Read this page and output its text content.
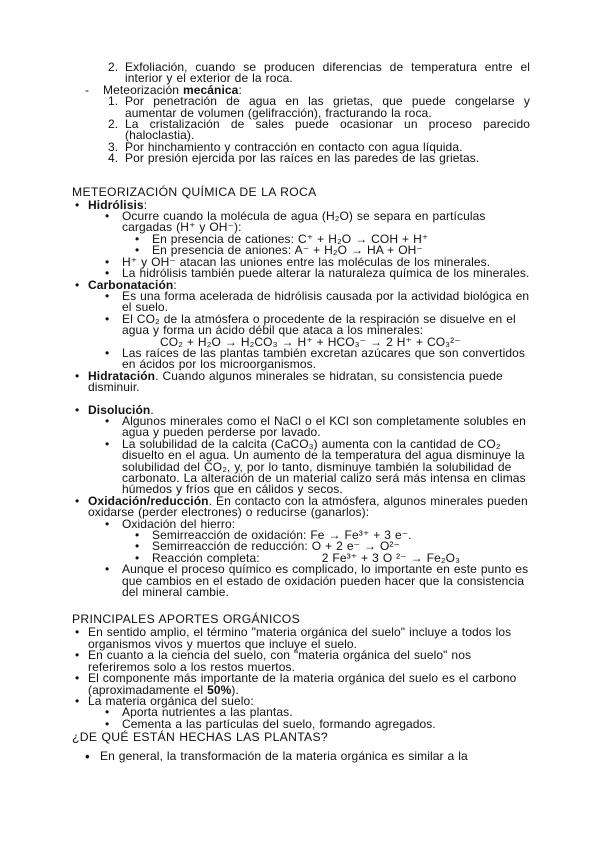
2. Exfoliación, cuando se producen diferencias de temperatura entre el interior y el exterior de la roca.
-	Meteorización mecánica:
1. Por penetración de agua en las grietas, que puede congelarse y aumentar de volumen (gelifracción), fracturando la roca.
2. La cristalización de sales puede ocasionar un proceso parecido (haloclastia).
3. Por hinchamiento y contracción en contacto con agua líquida.
4. Por presión ejercida por las raíces en las paredes de las grietas.
METEORIZACIÓN QUÍMICA DE LA ROCA
• Hidrólisis:
•	Ocurre cuando la molécula de agua (H₂O) se separa en partículas cargadas (H⁺ y OH⁻):
•	En presencia de cationes: C⁺ + H₂O → COH + H⁺
•	En presencia de aniones: A⁻ + H₂O → HA + OH⁻
•	H⁺ y OH⁻ atacan las uniones entre las moléculas de los minerales.
•	La hidrólisis también puede alterar la naturaleza química de los minerales.
• Carbonatación:
•	Es una forma acelerada de hidrólisis causada por la actividad biológica en el suelo.
•	El CO₂ de la atmósfera o procedente de la respiración se disuelve en el agua y forma un ácido débil que ataca a los minerales:
CO₂ + H₂O → H₂CO₃ → H⁺ + HCO₃⁻ → 2 H⁺ + CO₃²⁻
•	Las raíces de las plantas también excretan azúcares que son convertidos en ácidos por los microorganismos.
• Hidratación. Cuando algunos minerales se hidratan, su consistencia puede disminuir.
• Disolución.
•	Algunos minerales como el NaCl o el KCl son completamente solubles en agua y pueden perderse por lavado.
•	La solubilidad de la calcita (CaCO₃) aumenta con la cantidad de CO₂ disuelto en el agua. Un aumento de la temperatura del agua disminuye la solubilidad del CO₂, y, por lo tanto, disminuye también la solubilidad de carbonato. La alteración de un material calizo será más intensa en climas húmedos y fríos que en cálidos y secos.
• Oxidación/reducción. En contacto con la atmósfera, algunos minerales pueden oxidarse (perder electrones) o reducirse (ganarlos):
•	Oxidación del hierro:
•	Semirreacción de oxidación: Fe → Fe³⁺ + 3 e⁻.
•	Semirreacción de reducción: O + 2 e⁻ → O²⁻
•	Reacción completa:	2 Fe³⁺ + 3 O ²⁻ → Fe₂O₃
•	Aunque el proceso químico es complicado, lo importante en este punto es que cambios en el estado de oxidación pueden hacer que la consistencia del mineral cambie.
PRINCIPALES APORTES ORGÁNICOS
• En sentido amplio, el término "materia orgánica del suelo" incluye a todos los organismos vivos y muertos que incluye el suelo.
• En cuanto a la ciencia del suelo, con "materia orgánica del suelo" nos referiremos solo a los restos muertos.
• El componente más importante de la materia orgánica del suelo es el carbono (aproximadamente el 50%).
• La materia orgánica del suelo:
•	Aporta nutrientes a las plantas.
•	Cementa a las partículas del suelo, formando agregados.
¿DE QUÉ ESTÁN HECHAS LAS PLANTAS?
• En general, la transformación de la materia orgánica es similar a la
